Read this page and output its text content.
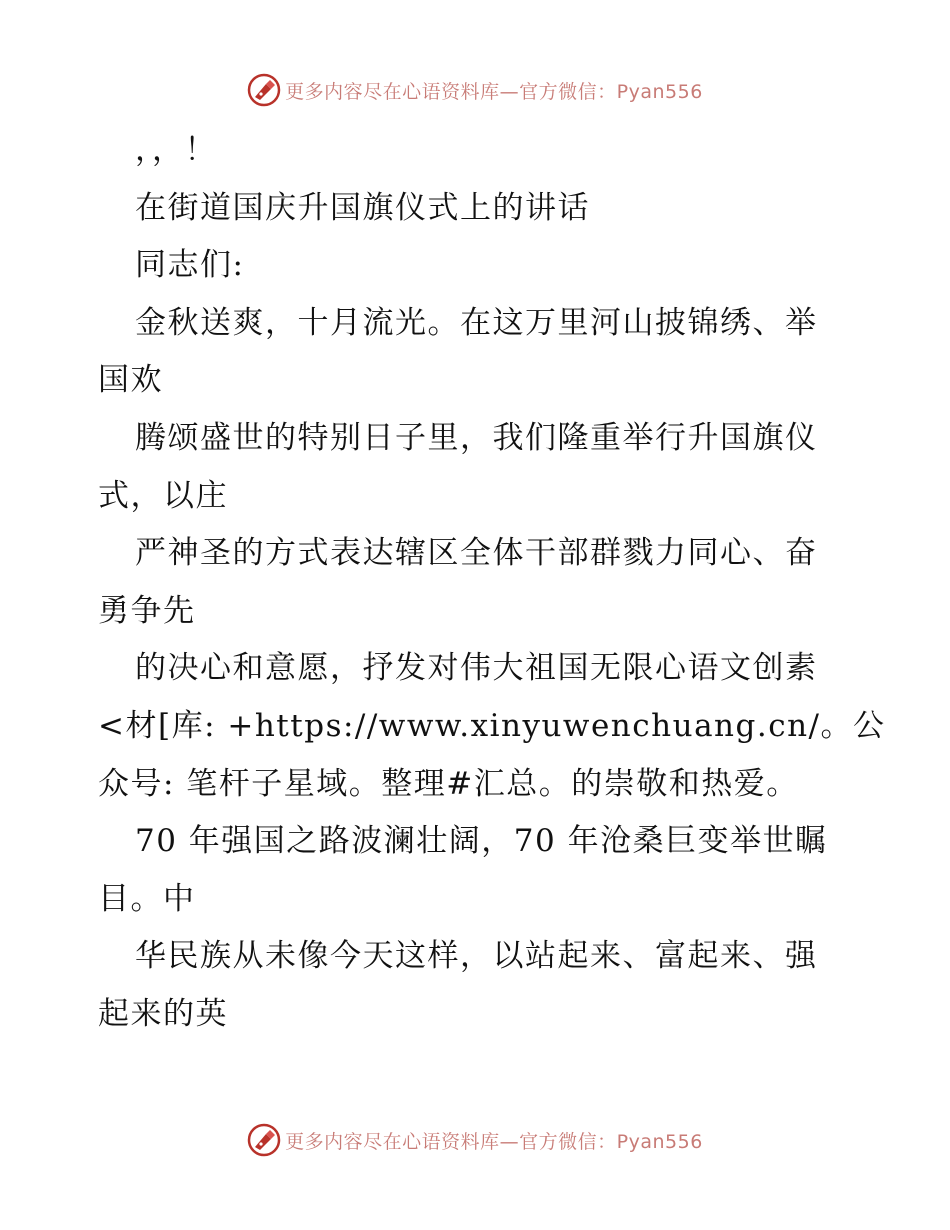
更多内容尽在心语资料库—官方微信：Pyan556
，，！
在街道国庆升国旗仪式上的讲话
同志们:
金秋送爽，十月流光。在这万里河山披锦绣、举
国欢
腾颂盛世的特别日子里，我们隆重举行升国旗仪
式，以庄
严神圣的方式表达辖区全体干部群戮力同心、奋
勇争先
的决心和意愿，抒发对伟大祖国无限心语文创素
<材[库: +https://www.xinyuwenchuang.cn/。公
众号: 笔杆子星域。整理#汇总。的崇敬和热爱。
70 年强国之路波澜壮阔，70 年沧桑巨变举世瞩
目。中
华民族从未像今天这样，以站起来、富起来、强
起来的英
更多内容尽在心语资料库—官方微信：Pyan556
